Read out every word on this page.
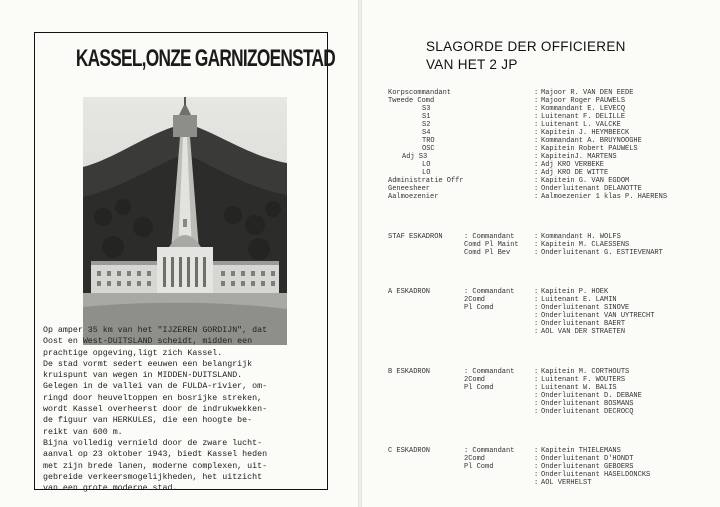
KASSEL,ONZE GARNIZOENSTAD

Op amper 35 km van het "IJZEREN GORDIJN", dat

Oost en West-DUITSLAND scheidt, midden een

prachtige opgeving,ligt zich Kassel.

De stad vormt sedert eeuwen een belangrijk

kruispunt van wegen in MIDDEN-DUITSLAND.

Gelegen in de vallei van de FULDA-rivier, om-

ringd door heuveltoppen en bosrijke streken,

wordt Kassel overheerst door de indrukwekken-

de figuur van HERKULES, die een hoogte be-

reikt van 600 m.

Bijna volledig vernield door de zware lucht-

aanval op 23 oktober 1943, biedt Kassel heden

met zijn brede lanen, moderne complexen, uit-

gebreide verkeersmogelijkheden, het uitzicht

van een grote moderne stad.

SLAGORDE DER OFFICIEREN
VAN HET 2 JP
Korpscommandant	: Majoor R. VAN DEN EEDE
Tweede Comd	: Majoor Roger PAUWELS
S3	: Kommandant E. LEVECQ
S1	: Luitenant F. DELILLE
S2	: Luitenant L. VALCKE
S4	: Kapitein J. HEYMBEECK
TRO	: Kommandant A. BRUYNOOGHE
OSC	: Kapitein Robert PAUWELS
Adj S3	: KapiteinJ. MARTENS
LO	: Adj KRO VERBEKE
LO	: Adj KRO DE WITTE
Administratie Offr	: Kapitein G. VAN EGDOM
Geneesheer	: Onderluitenant DELANOTTE
Aalmoezenier	: Aalmoezenier 1 klas P. HAERENS
STAF ESKADRON	: Commandant	: Kommandant H. WOLFS
Comd Pl Maint : Kapitein M. CLAESSENS
Comd Pl Bev	: Onderluitenant G. ESTIEVENART
A ESKADRON	: Commandant	: Kapitein P. HOEK
2Comd	: Luitenant E. LAMIN
Pl Comd	: Onderluitenant SINOVE
: Onderluitenant VAN UYTRECHT
: Onderluitenant BAERT
: AOL VAN DER STRAETEN
B ESKADRON	: Commandant	: Kapitein M. CORTHOUTS
2Comd	: Luitenant F. WOUTERS
Pl Comd	: Luitenant W. BALIS
: Onderluitenant D. DEBANE
: Onderluitenant BOSMANS
: Onderluitenant DECROCQ
C ESKADRON	: Commandant	: Kapitein THIELEMANS
2Comd	: Onderluitenant D'HONDT
Pl Comd	: Onderluitenant GEBOERS
: Onderluitenant HASELDONCKS
: AOL VERHELST
